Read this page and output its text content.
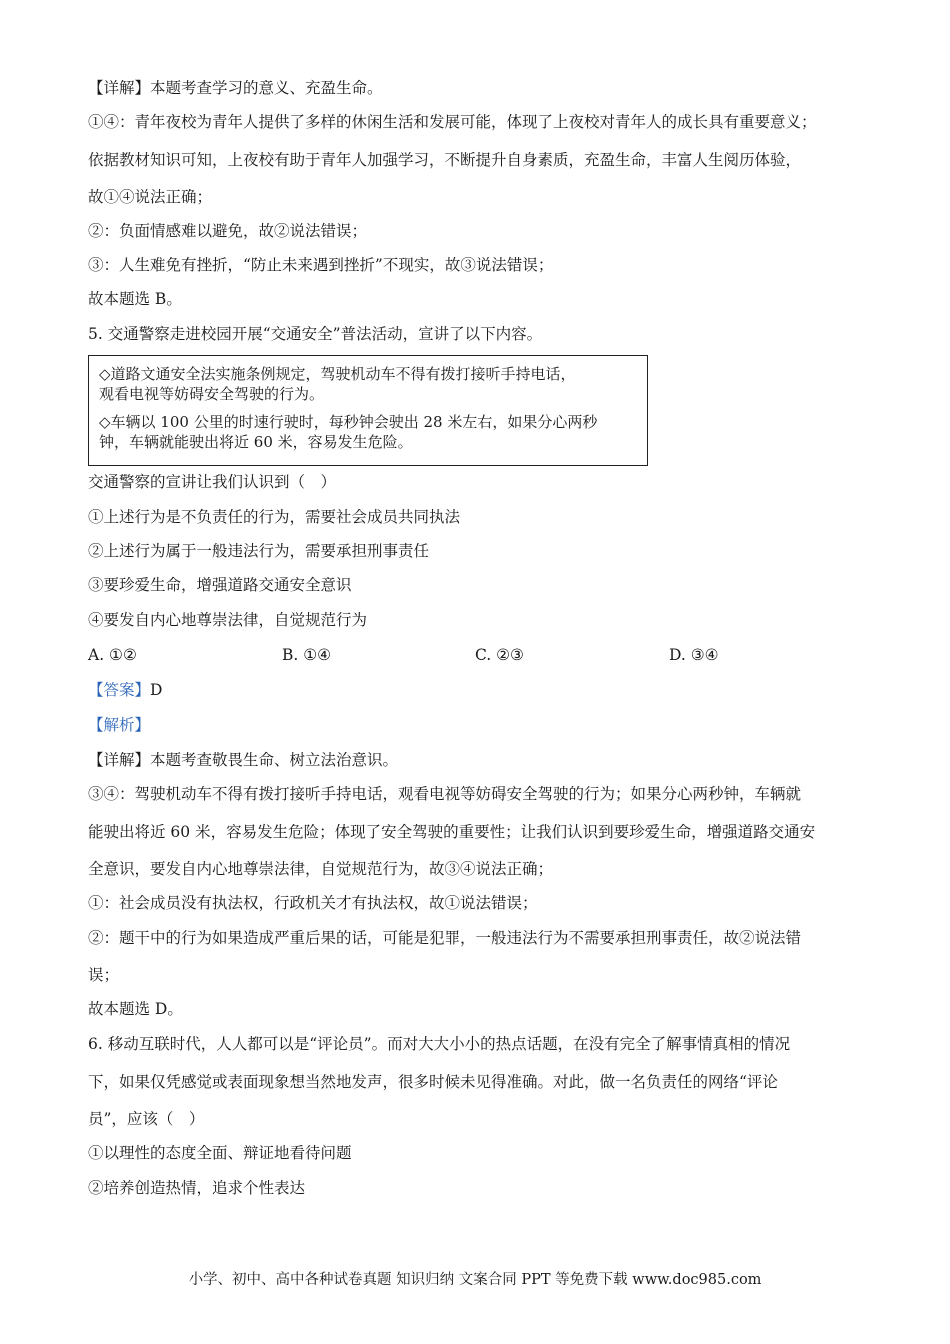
【详解】本题考查学习的意义、充盈生命。
①④：青年夜校为青年人提供了多样的休闲生活和发展可能，体现了上夜校对青年人的成长具有重要意义；
依据教材知识可知，上夜校有助于青年人加强学习，不断提升自身素质，充盈生命，丰富人生阅历体验，
故①④说法正确；
②：负面情感难以避免，故②说法错误；
③：人生难免有挫折，“防止未来遇到挫折”不现实，故③说法错误；
故本题选 B。
5. 交通警察走进校园开展“交通安全”普法活动，宣讲了以下内容。
◇道路文通安全法实施条例规定，驾驶机动车不得有拨打接听手持电话，
观看电视等妨碍安全驾驶的行为。
◇车辆以 100 公里的时速行驶时，每秒钟会驶出 28 米左右，如果分心两秒
钟，车辆就能驶出将近 60 米，容易发生危险。
交通警察的宣讲让我们认识到（　）
①上述行为是不负责任的行为，需要社会成员共同执法
②上述行为属于一般违法行为，需要承担刑事责任
③要珍爱生命，增强道路交通安全意识
④要发自内心地尊崇法律，自觉规范行为
A. ①②	B. ①④	C. ②③	D. ③④
【答案】D
【解析】
【详解】本题考查敬畏生命、树立法治意识。
③④：驾驶机动车不得有拨打接听手持电话，观看电视等妨碍安全驾驶的行为；如果分心两秒钟，车辆就
能驶出将近 60 米，容易发生危险；体现了安全驾驶的重要性；让我们认识到要珍爱生命，增强道路交通安
全意识，要发自内心地尊崇法律，自觉规范行为，故③④说法正确；
①：社会成员没有执法权，行政机关才有执法权，故①说法错误；
②：题干中的行为如果造成严重后果的话，可能是犯罪，一般违法行为不需要承担刑事责任，故②说法错
误；
故本题选 D。
6. 移动互联时代，人人都可以是“评论员”。而对大大小小的热点话题，在没有完全了解事情真相的情况
下，如果仅凭感觉或表面现象想当然地发声，很多时候未见得准确。对此，做一名负责任的网络“评论
员”，应该（　）
①以理性的态度全面、辩证地看待问题
②培养创造热情，追求个性表达
小学、初中、高中各种试卷真题 知识归纳 文案合同 PPT 等免费下载 www.doc985.com
